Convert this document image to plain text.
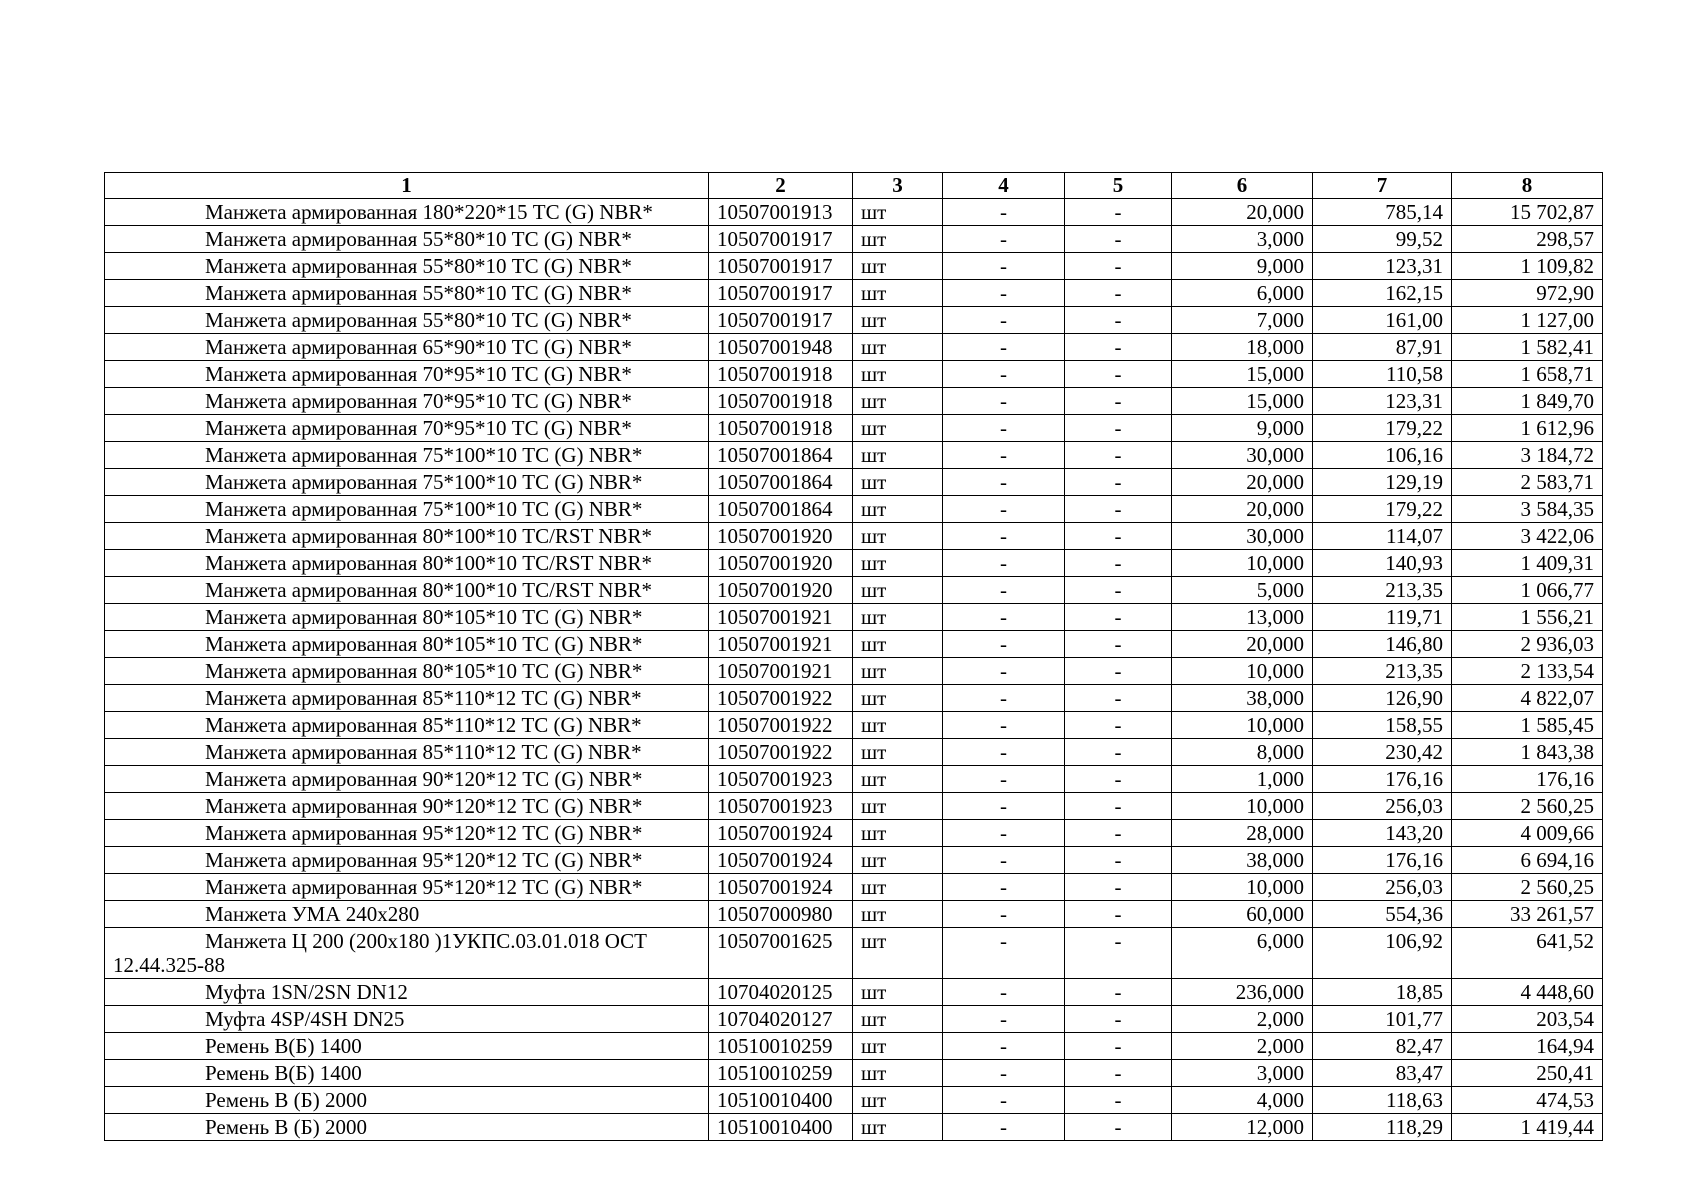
1	2	3	4	5	6	7	8
Манжета армированная 180*220*15 TC (G) NBR*	10507001913	шт	-	-	20,000	785,14	15 702,87
Манжета армированная 55*80*10 TC (G) NBR*	10507001917	шт	-	-	3,000	99,52	298,57
Манжета армированная 55*80*10 TC (G) NBR*	10507001917	шт	-	-	9,000	123,31	1 109,82
Манжета армированная 55*80*10 TC (G) NBR*	10507001917	шт	-	-	6,000	162,15	972,90
Манжета армированная 55*80*10 TC (G) NBR*	10507001917	шт	-	-	7,000	161,00	1 127,00
Манжета армированная 65*90*10 TC (G) NBR*	10507001948	шт	-	-	18,000	87,91	1 582,41
Манжета армированная 70*95*10 TC (G) NBR*	10507001918	шт	-	-	15,000	110,58	1 658,71
Манжета армированная 70*95*10 TC (G) NBR*	10507001918	шт	-	-	15,000	123,31	1 849,70
Манжета армированная 70*95*10 TC (G) NBR*	10507001918	шт	-	-	9,000	179,22	1 612,96
Манжета армированная 75*100*10 TC (G) NBR*	10507001864	шт	-	-	30,000	106,16	3 184,72
Манжета армированная 75*100*10 TC (G) NBR*	10507001864	шт	-	-	20,000	129,19	2 583,71
Манжета армированная 75*100*10 TC (G) NBR*	10507001864	шт	-	-	20,000	179,22	3 584,35
Манжета армированная 80*100*10 TC/RST NBR*	10507001920	шт	-	-	30,000	114,07	3 422,06
Манжета армированная 80*100*10 TC/RST NBR*	10507001920	шт	-	-	10,000	140,93	1 409,31
Манжета армированная 80*100*10 TC/RST NBR*	10507001920	шт	-	-	5,000	213,35	1 066,77
Манжета армированная 80*105*10 TC (G) NBR*	10507001921	шт	-	-	13,000	119,71	1 556,21
Манжета армированная 80*105*10 TC (G) NBR*	10507001921	шт	-	-	20,000	146,80	2 936,03
Манжета армированная 80*105*10 TC (G) NBR*	10507001921	шт	-	-	10,000	213,35	2 133,54
Манжета армированная 85*110*12 TC (G) NBR*	10507001922	шт	-	-	38,000	126,90	4 822,07
Манжета армированная 85*110*12 TC (G) NBR*	10507001922	шт	-	-	10,000	158,55	1 585,45
Манжета армированная 85*110*12 TC (G) NBR*	10507001922	шт	-	-	8,000	230,42	1 843,38
Манжета армированная 90*120*12 TC (G) NBR*	10507001923	шт	-	-	1,000	176,16	176,16
Манжета армированная 90*120*12 TC (G) NBR*	10507001923	шт	-	-	10,000	256,03	2 560,25
Манжета армированная 95*120*12 TC (G) NBR*	10507001924	шт	-	-	28,000	143,20	4 009,66
Манжета армированная 95*120*12 TC (G) NBR*	10507001924	шт	-	-	38,000	176,16	6 694,16
Манжета армированная 95*120*12 TC (G) NBR*	10507001924	шт	-	-	10,000	256,03	2 560,25
Манжета УМА 240х280	10507000980	шт	-	-	60,000	554,36	33 261,57
Манжета Ц 200 (200х180 )1УКПС.03.01.018 ОСТ 12.44.325-88	10507001625	шт	-	-	6,000	106,92	641,52
Муфта 1SN/2SN DN12	10704020125	шт	-	-	236,000	18,85	4 448,60
Муфта 4SP/4SH DN25	10704020127	шт	-	-	2,000	101,77	203,54
Ремень В(Б) 1400	10510010259	шт	-	-	2,000	82,47	164,94
Ремень В(Б) 1400	10510010259	шт	-	-	3,000	83,47	250,41
Ремень В (Б) 2000	10510010400	шт	-	-	4,000	118,63	474,53
Ремень В (Б) 2000	10510010400	шт	-	-	12,000	118,29	1 419,44
